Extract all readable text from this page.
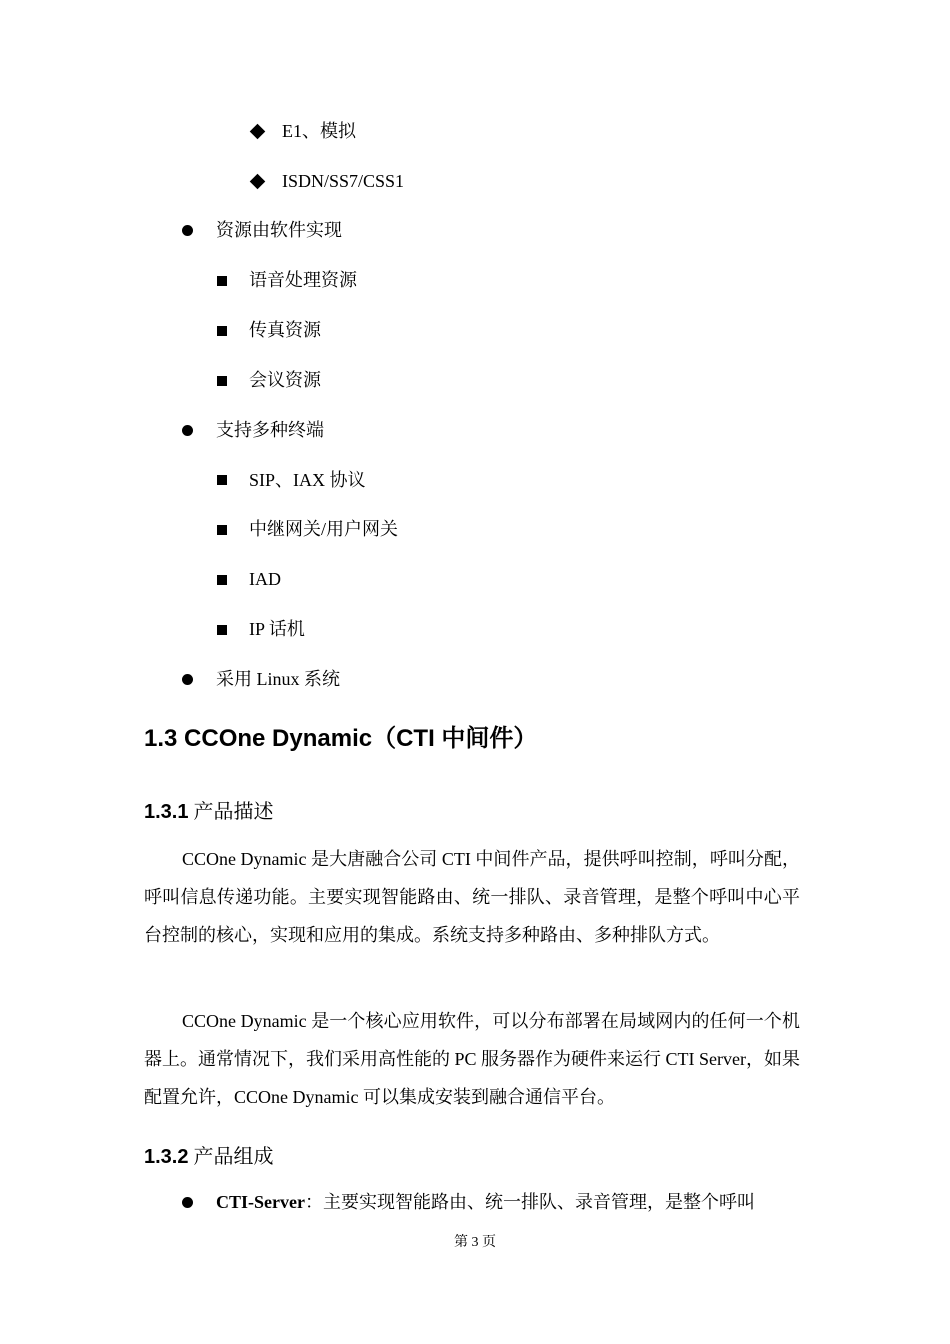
E1、模拟
ISDN/SS7/CSS1
资源由软件实现
语音处理资源
传真资源
会议资源
支持多种终端
SIP、IAX 协议
中继网关/用户网关
IAD
IP 话机
采用 Linux 系统
1.3 CCOne Dynamic（CTI 中间件）
1.3.1 产品描述
CCOne Dynamic 是大唐融合公司 CTI 中间件产品，提供呼叫控制，呼叫分配，呼叫信息传递功能。主要实现智能路由、统一排队、录音管理，是整个呼叫中心平台控制的核心，实现和应用的集成。系统支持多种路由、多种排队方式。
CCOne Dynamic 是一个核心应用软件，可以分布部署在局域网内的任何一个机器上。通常情况下，我们采用高性能的 PC 服务器作为硬件来运行 CTI Server，如果配置允许，CCOne Dynamic 可以集成安装到融合通信平台。
1.3.2 产品组成
CTI-Server：主要实现智能路由、统一排队、录音管理，是整个呼叫
第 3 页
